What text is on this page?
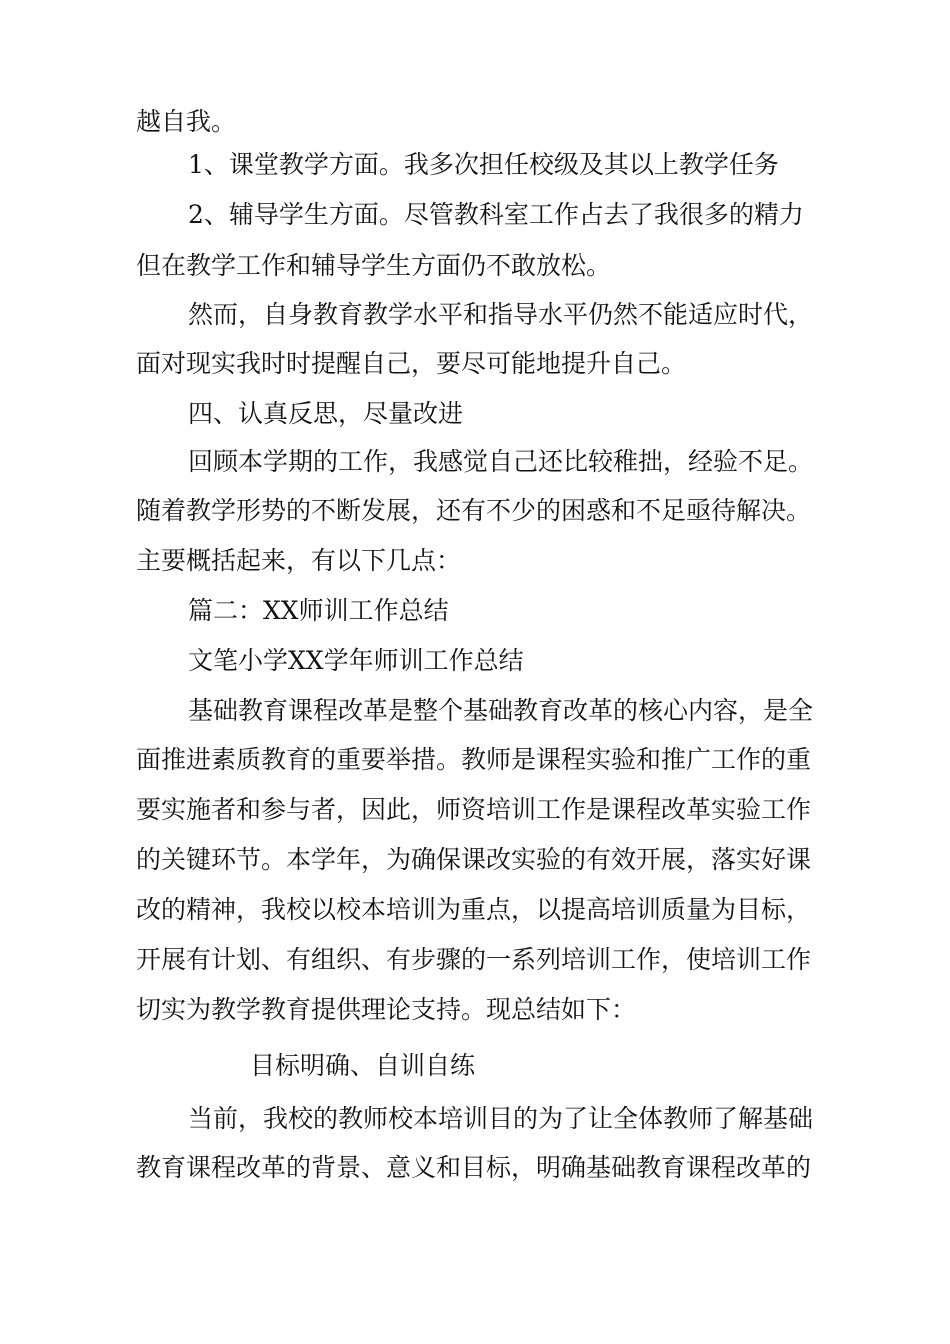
越自我。
1、课堂教学方面。我多次担任校级及其以上教学任务
2、辅导学生方面。尽管教科室工作占去了我很多的精力
但在教学工作和辅导学生方面仍不敢放松。
然而，自身教育教学水平和指导水平仍然不能适应时代，
面对现实我时时提醒自己，要尽可能地提升自己。
四、认真反思，尽量改进
回顾本学期的工作，我感觉自己还比较稚拙，经验不足。
随着教学形势的不断发展，还有不少的困惑和不足亟待解决。
主要概括起来，有以下几点：
篇二：XX师训工作总结
文笔小学XX学年师训工作总结
基础教育课程改革是整个基础教育改革的核心内容，是全
面推进素质教育的重要举措。教师是课程实验和推广工作的重
要实施者和参与者，因此，师资培训工作是课程改革实验工作
的关键环节。本学年，为确保课改实验的有效开展，落实好课
改的精神，我校以校本培训为重点，以提高培训质量为目标，
开展有计划、有组织、有步骤的一系列培训工作，使培训工作
切实为教学教育提供理论支持。现总结如下：
目标明确、自训自练
当前，我校的教师校本培训目的为了让全体教师了解基础
教育课程改革的背景、意义和目标，明确基础教育课程改革的
